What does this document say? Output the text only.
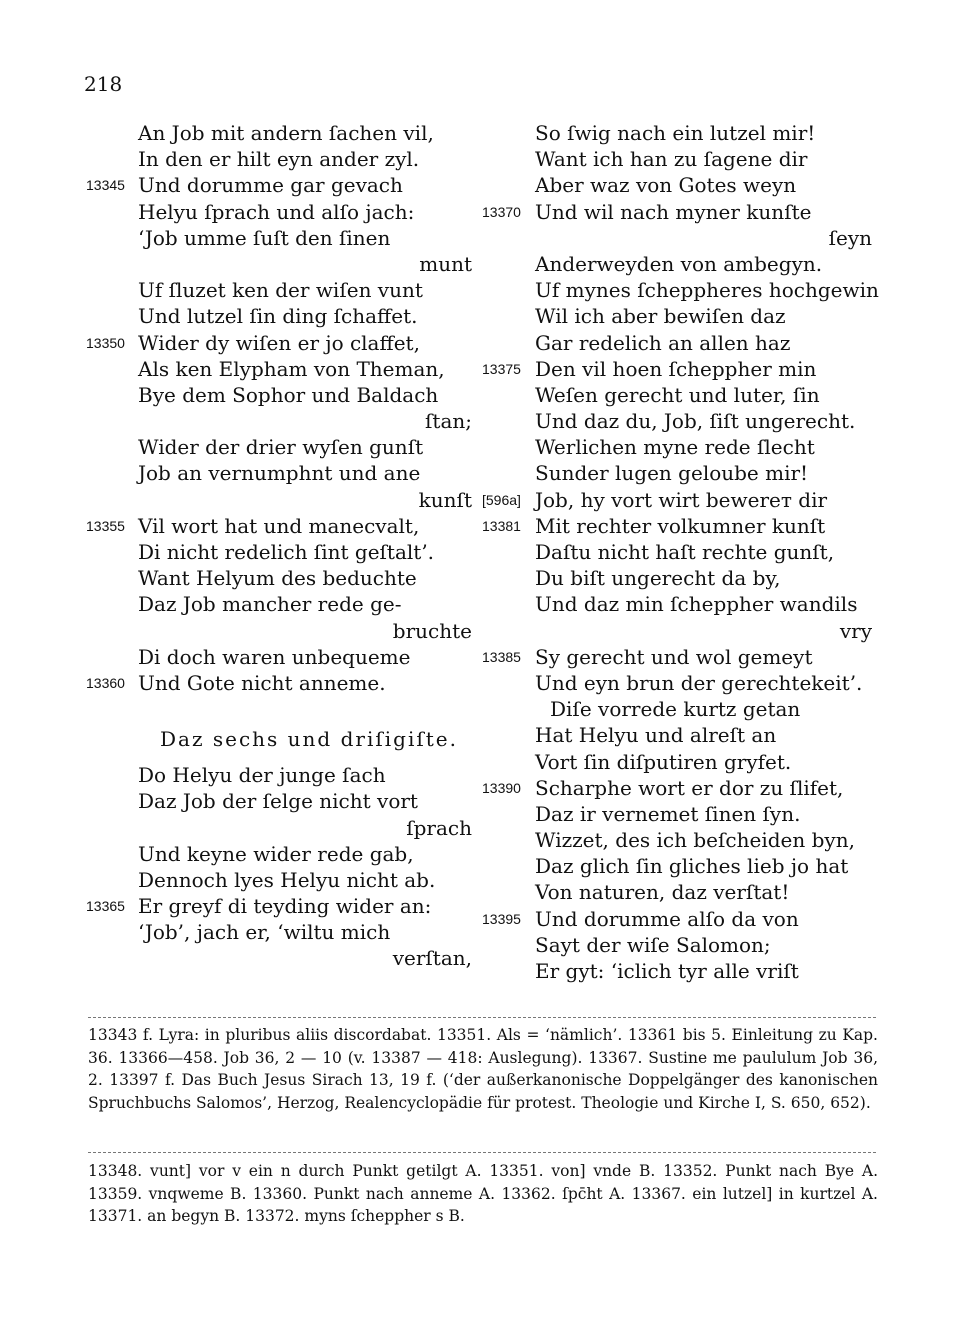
218
An Job mit andern ſachen vil,
In den er hilt eyn ander zyl.
13345 Und dorumme gar gevach
Helyu ſprach und alſo jach:
‘Job umme ſuſt den ſinen
munt
Uf ſluzet ken der wiſen vunt
Und lutzel ſin ding ſchaffet.
13350 Wider dy wiſen er jo claffet,
Als ken Elypham von Theman,
Bye dem Sophor und Baldach
ſtan;
Wider der drier wyſen gunſt
Job an vernumphnt und ane
kunſt
13355 Vil wort hat und manecvalt,
Di nicht redelich ſint geſtalt’.
Want Helyum des beduchte
Daz Job mancher rede ge-
bruchte
Di doch waren unbequeme
13360 Und Gote nicht anneme.
Daz sechs und driſigiſte.
Do Helyu der junge ſach
Daz Job der ſelge nicht vort
ſprach
Und keyne wider rede gab,
Dennoch lyes Helyu nicht ab.
13365 Er greyf di teyding wider an:
‘Job’, jach er, ‘wiltu mich
verſtan,
So ſwig nach ein lutzel mir!
Want ich han zu ſagene dir
Aber waz von Gotes weyn
13370 Und wil nach myner kunſte
ſeyn
Anderweyden von ambegyn.
Uf mynes ſcheppheres hochgewin
Wil ich aber bewiſen daz
Gar redelich an allen haz
13375 Den vil hoen ſcheppher min
Weſen gerecht und luter, ſin
Und daz du, Job, ſiſt ungerecht.
Werlichen myne rede ſlecht
Sunder lugen geloube mir!
[596a] Job, hy vort wirt bewerет dir
13381 Mit rechter volkumner kunſt
Daſtu nicht haſt rechte gunſt,
Du biſt ungerecht da by,
Und daz min ſcheppher wandils
vry
13385 Sy gerecht und wol gemeyt
Und eyn brun der gerechtekeit’.
Diſe vorrede kurtz getan
Hat Helyu und alreſt an
Vort ſin diſputiren gryfet.
13390 Scharphe wort er dor zu ſlifet,
Daz ir vernemet ſinen ſyn.
Wizzet, des ich beſcheiden byn,
Daz glich ſin gliches lieb jo hat
Von naturen, daz verſtat!
13395 Und dorumme alſo da von
Sayt der wiſe Salomon;
Er gyt: ‘iclich tyr alle vriſt

13343 f. Lyra: in pluribus aliis discordabat. 13351. Als = ‘nämlich’. 13361 bis 5. Einleitung zu Kap. 36. 13366—458. Job 36, 2 — 10 (v. 13387 — 418: Auslegung). 13367. Sustine me paululum Job 36, 2. 13397 f. Das Buch Jesus Sirach 13, 19 f. (‘der außerkanonische Doppelgänger des kanonischen Spruchbuchs Salomos’, Herzog, Realencyclopädie für protest. Theologie und Kirche I, S. 650, 652).

13348. vunt] vor v ein n durch Punkt getilgt A. 13351. von] vnde B. 13352. Punkt nach Bye A. 13359. vnqweme B. 13360. Punkt nach anneme A. 13362. ſpc̄ht A. 13367. ein lutzel] in kurtzel A. 13371. an begyn B. 13372. myns ſcheppher s B.
